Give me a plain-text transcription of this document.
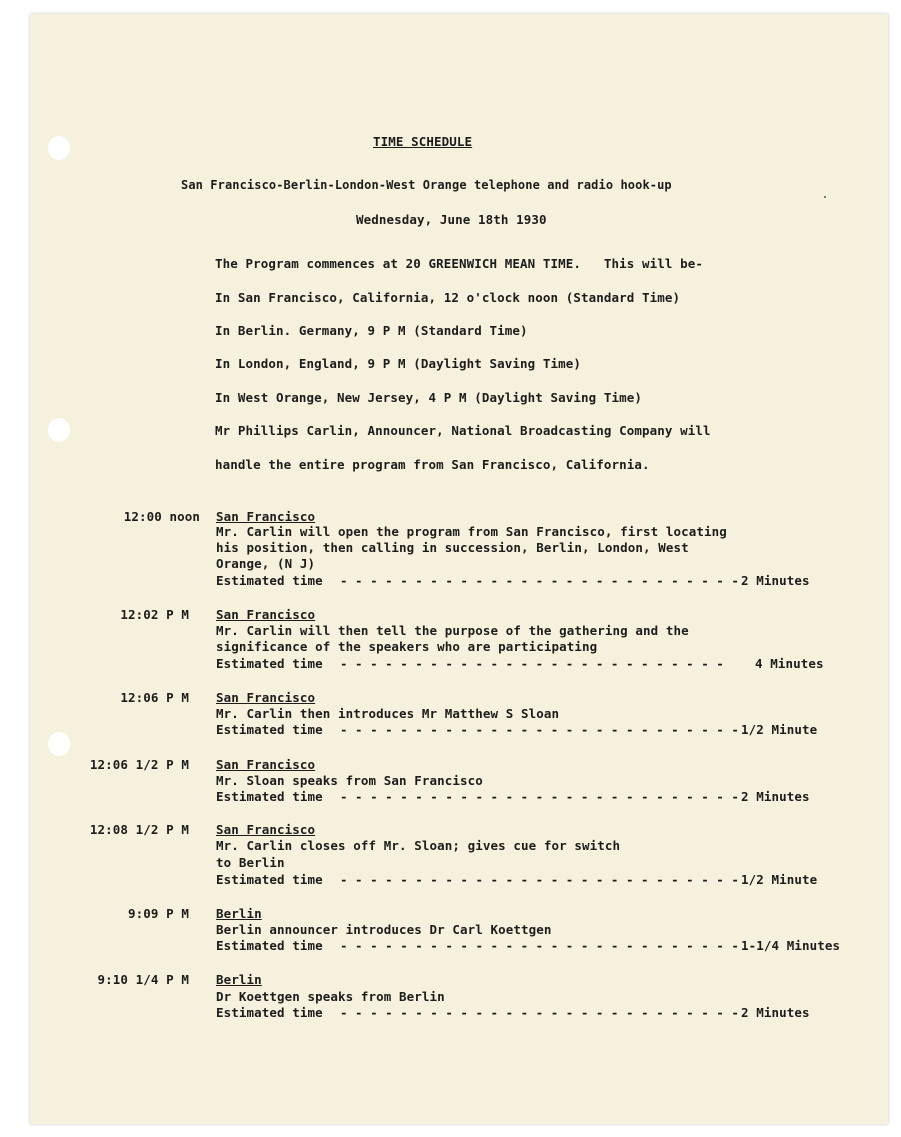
TIME SCHEDULE
San Francisco-Berlin-London-West Orange telephone and radio hook-up
Wednesday, June 18th 1930
The Program commences at 20 GREENWICH MEAN TIME.   This will be-
In San Francisco, California, 12 o'clock noon (Standard Time)
In Berlin. Germany, 9 P M (Standard Time)
In London, England, 9 P M (Daylight Saving Time)
In West Orange, New Jersey, 4 P M (Daylight Saving Time)
Mr Phillips Carlin, Announcer, National Broadcasting Company will
handle the entire program from San Francisco, California.
12:00 noon San Francisco
Mr. Carlin will open the program from San Francisco, first locating
his position, then calling in succession, Berlin, London, West
Orange, (N J)
Estimated time - - - - - - - - - - - - - - - - - - - - - - - - - - - 2 Minutes
12:02 P M San Francisco
Mr. Carlin will then tell the purpose of the gathering and the
significance of the speakers who are participating
Estimated time - - - - - - - - - - - - - - - - - - - - - - - - - - 4 Minutes
12:06 P M San Francisco
Mr. Carlin then introduces Mr Matthew S Sloan
Estimated time - - - - - - - - - - - - - - - - - - - - - - - - - - - 1/2 Minute
12:06 1/2 P M San Francisco
Mr. Sloan speaks from San Francisco
Estimated time - - - - - - - - - - - - - - - - - - - - - - - - - - - 2 Minutes
12:08 1/2 P M San Francisco
Mr. Carlin closes off Mr. Sloan; gives cue for switch
to Berlin
Estimated time - - - - - - - - - - - - - - - - - - - - - - - - - - - 1/2 Minute
9:09 P M Berlin
Berlin announcer introduces Dr Carl Koettgen
Estimated time - - - - - - - - - - - - - - - - - - - - - - - - - - - 1-1/4 Minutes
9:10 1/4 P M Berlin
Dr Koettgen speaks from Berlin
Estimated time - - - - - - - - - - - - - - - - - - - - - - - - - - - 2 Minutes
